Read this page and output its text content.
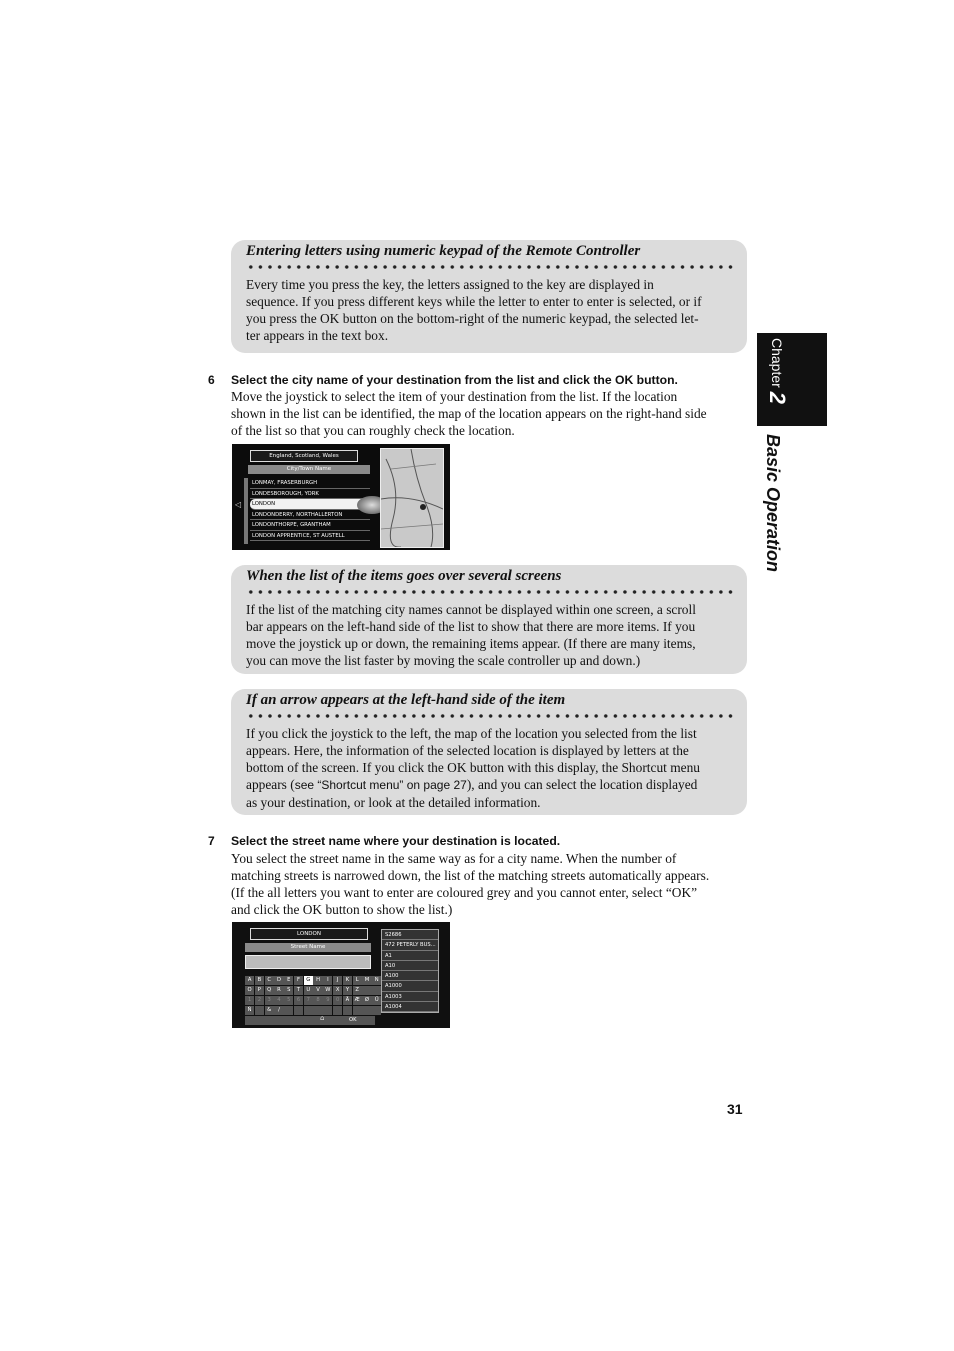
Entering letters using numeric keypad of the Remote Controller
Every time you press the key, the letters assigned to the key are displayed in
sequence. If you press different keys while the letter to enter to enter is selected, or if
you press the OK button on the bottom-right of the numeric keypad, the selected let-
ter appears in the text box.
6 Select the city name of your destination from the list and click the OK button.
Move the joystick to select the item of your destination from the list. If the location
shown in the list can be identified, the map of the location appears on the right-hand side
of the list so that you can roughly check the location.
England, Scotland, Wales
City/Town Name
◁
LONMAY, FRASERBURGH
LONDESBOROUGH, YORK
LONDON
LONDONDERRY, NORTHALLERTON
LONDONTHORPE, GRANTHAM
LONDON APPRENTICE, ST AUSTELL
When the list of the items goes over several screens
If the list of the matching city names cannot be displayed within one screen, a scroll
bar appears on the left-hand side of the list to show that there are more items. If you
move the joystick up or down, the remaining items appear. (If there are many items,
you can move the list faster by moving the scale controller up and down.)
If an arrow appears at the left-hand side of the item
If you click the joystick to the left, the map of the location you selected from the list
appears. Here, the information of the selected location is displayed by letters at the
bottom of the screen. If you click the OK button with this display, the Shortcut menu
appears (see “Shortcut menu” on page 27), and you can select the location displayed
as your destination, or look at the detailed information.
7 Select the street name where your destination is located.
You select the street name in the same way as for a city name. When the number of
matching streets is narrowed down, the list of the matching streets automatically appears.
(If the all letters you want to enter are coloured grey and you cannot enter, select “OK”
and click the OK button to show the list.)
LONDON
Street Name
A B C D E F G H I J K L M N
O P Q R S T U V W X Y Z
1 2 3 4 5 6 7 8 9 0 Ä Æ Ø Ü
Ñ	& /
⌂	OK
S2686
472 PETERLY BUS...
A1
A10
A100
A1000
A1003
A1004
Chapter 2
Basic Operation
31
